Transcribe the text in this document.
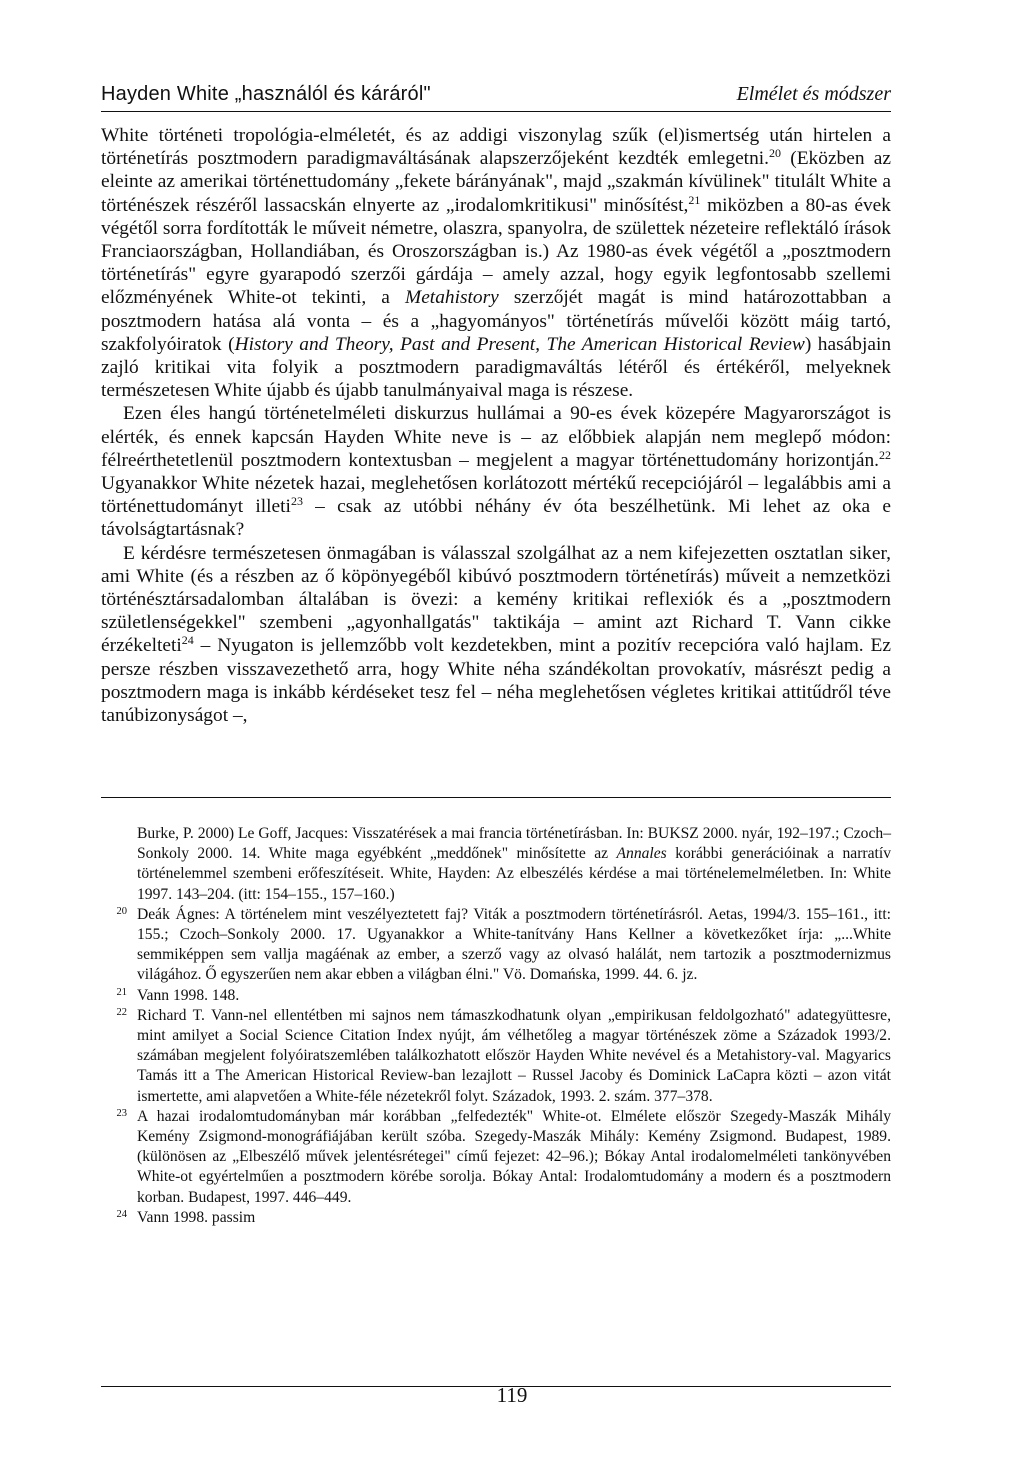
Hayden White „használól és káráról"	Elmélet és módszer

White történeti tropológia-elméletét, és az addigi viszonylag szűk (el)ismertség után hirtelen a történetírás posztmodern paradigmaváltásának alapszerzőjeként kezdték emlegetni.$^{20}$ (Eközben az eleinte az amerikai történettudomány „fekete bárányának", majd „szakmán kívülinek" titulált White a történészek részéről lassacskán elnyerte az „irodalomkritikusi" minősítést,$^{21}$ miközben a 80-as évek végétől sorra fordították le műveit németre, olaszra, spanyolra, de születtek nézeteire reflektáló írások Franciaországban, Hollandiában, és Oroszországban is.) Az 1980-as évek végétől a „posztmodern történetírás" egyre gyarapodó szerzői gárdája – amely azzal, hogy egyik legfontosabb szellemi előzményének White-ot tekinti, a Metahistory szerzőjét magát is mind határozottabban a posztmodern hatása alá vonta – és a „hagyományos" történetírás művelői között máig tartó, szakfolyóiratok (History and Theory, Past and Present, The American Historical Review) hasábjain zajló kritikai vita folyik a posztmodern paradigmaváltás létéről és értékéről, melyeknek természetesen White újabb és újabb tanulmányaival maga is részese.

Ezen éles hangú történetelméleti diskurzus hullámai a 90-es évek közepére Magyarországot is elérték, és ennek kapcsán Hayden White neve is – az előbbiek alapján nem meglepő módon: félreérthetetlenül posztmodern kontextusban – megjelent a magyar történettudomány horizontján.$^{22}$ Ugyanakkor White nézetek hazai, meglehetősen korlátozott mértékű recepciójáról – legalábbis ami a történettudományt illeti$^{23}$ – csak az utóbbi néhány év óta beszélhetünk. Mi lehet az oka e távolságtartásnak?

E kérdésre természetesen önmagában is válasszal szolgálhat az a nem kifejezetten osztatlan siker, ami White (és a részben az ő köpönyegéből kibúvó posztmodern történetírás) műveit a nemzetközi történésztársadalomban általában is övezi: a kemény kritikai reflexiók és a „posztmodern születlenségekkel" szembeni „agyonhallgatás" taktikája – amint azt Richard T. Vann cikke érzékelteti$^{24}$ – Nyugaton is jellemzőbb volt kezdetekben, mint a pozitív recepcióra való hajlam. Ez persze részben visszavezethető arra, hogy White néha szándékoltan provokatív, másrészt pedig a posztmodern maga is inkább kérdéseket tesz fel – néha meglehetősen végletes kritikai attitűdről téve tanúbizonyságot –,

Burke, P. 2000) Le Goff, Jacques: Visszatérések a mai francia történetírásban. In: BUKSZ 2000. nyár, 192–197.; Czoch–Sonkoly 2000. 14. White maga egyébként „meddőnek" minősítette az Annales korábbi generációinak a narratív történelemmel szembeni erőfeszítéseit. White, Hayden: Az elbeszélés kérdése a mai történelemelméletben. In: White 1997. 143–204. (itt: 154–155., 157–160.)
20 Deák Ágnes: A történelem mint veszélyeztetett faj? Viták a posztmodern történetírásról. Aetas, 1994/3. 155–161., itt: 155.; Czoch–Sonkoly 2000. 17. Ugyanakkor a White-tanítvány Hans Kellner a következőket írja: „...White semmiképpen sem vallja magáénak az ember, a szerző vagy az olvasó halálát, nem tartozik a posztmodernizmus világához. Ő egyszerűen nem akar ebben a világban élni." Vö. Domańska, 1999. 44. 6. jz.
21 Vann 1998. 148.
22 Richard T. Vann-nel ellentétben mi sajnos nem támaszkodhatunk olyan „empirikusan feldolgozható" adategyüttesre, mint amilyet a Social Science Citation Index nyújt, ám vélhetőleg a magyar történészek zöme a Századok 1993/2. számában megjelent folyóiratszemlében találkozhatott először Hayden White nevével és a Metahistory-val. Magyarics Tamás itt a The American Historical Review-ban lezajlott – Russel Jacoby és Dominick LaCapra közti – azon vitát ismertette, ami alapvetően a White-féle nézetekről folyt. Századok, 1993. 2. szám. 377–378.
23 A hazai irodalomtudományban már korábban „felfedezték" White-ot. Elmélete először Szegedy-Maszák Mihály Kemény Zsigmond-monográfiájában került szóba. Szegedy-Maszák Mihály: Kemény Zsigmond. Budapest, 1989. (különösen az „Elbeszélő művek jelentésrétegei" című fejezet: 42–96.); Bókay Antal irodalomelméleti tankönyvében White-ot egyértelműen a posztmodern körébe sorolja. Bókay Antal: Irodalomtudomány a modern és a posztmodern korban. Budapest, 1997. 446–449.
24 Vann 1998. passim
119
